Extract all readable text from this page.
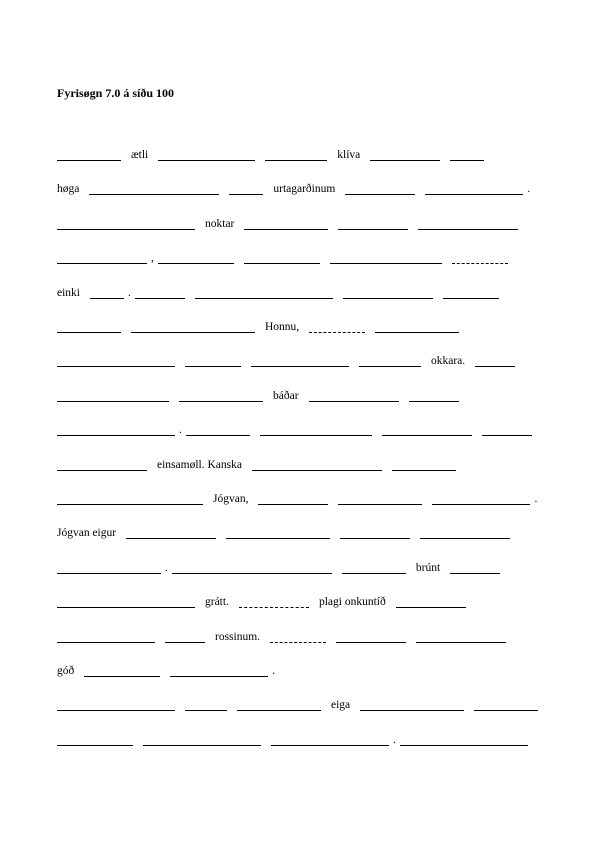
Fyrisøgn 7.0 á síðu 100
ætli	klíva
høga	urtagarðinum	.
noktar
,
einki	.
Honnu,
okkara.
báðar
.
einsamøll. Kanska
Jógvan,	.
Jógvan eigur
.	brúnt
grátt.	plagi onkuntíð
rossinum.
góð	.
eiga
.
